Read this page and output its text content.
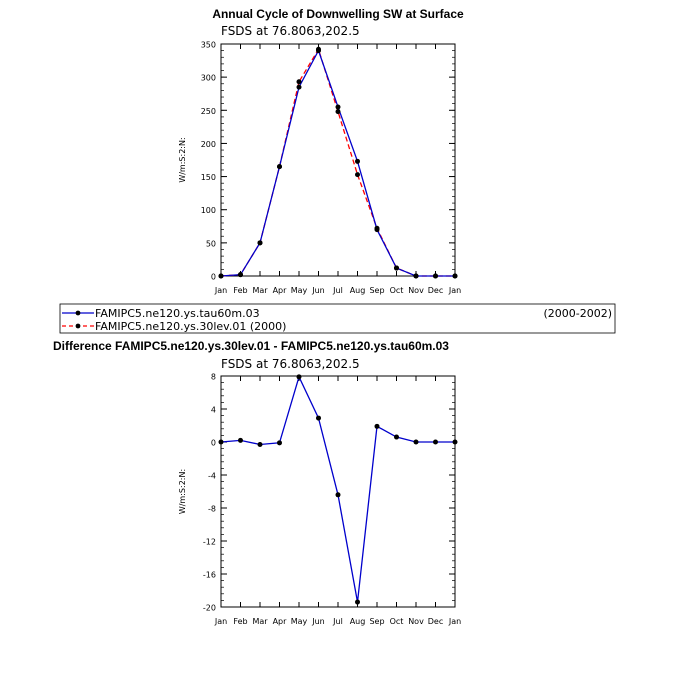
Annual Cycle of Downwelling SW at Surface
FSDS at 76.8063,202.5
Jan Feb Mar Apr May Jun Jul Aug Sep Oct Nov Dec Jan
0
50
100
150
200
250
300
350
W/m:S:2:N:
FAMIPC5.ne120.ys.tau60m.03	(2000-2002)
FAMIPC5.ne120.ys.30lev.01 (2000)
Difference FAMIPC5.ne120.ys.30lev.01 - FAMIPC5.ne120.ys.tau60m.03
FSDS at 76.8063,202.5
Jan Feb Mar Apr May Jun Jul Aug Sep Oct Nov Dec Jan
8
4
0
-4
-8
-12
-16
-20
W/m:S:2:N:
